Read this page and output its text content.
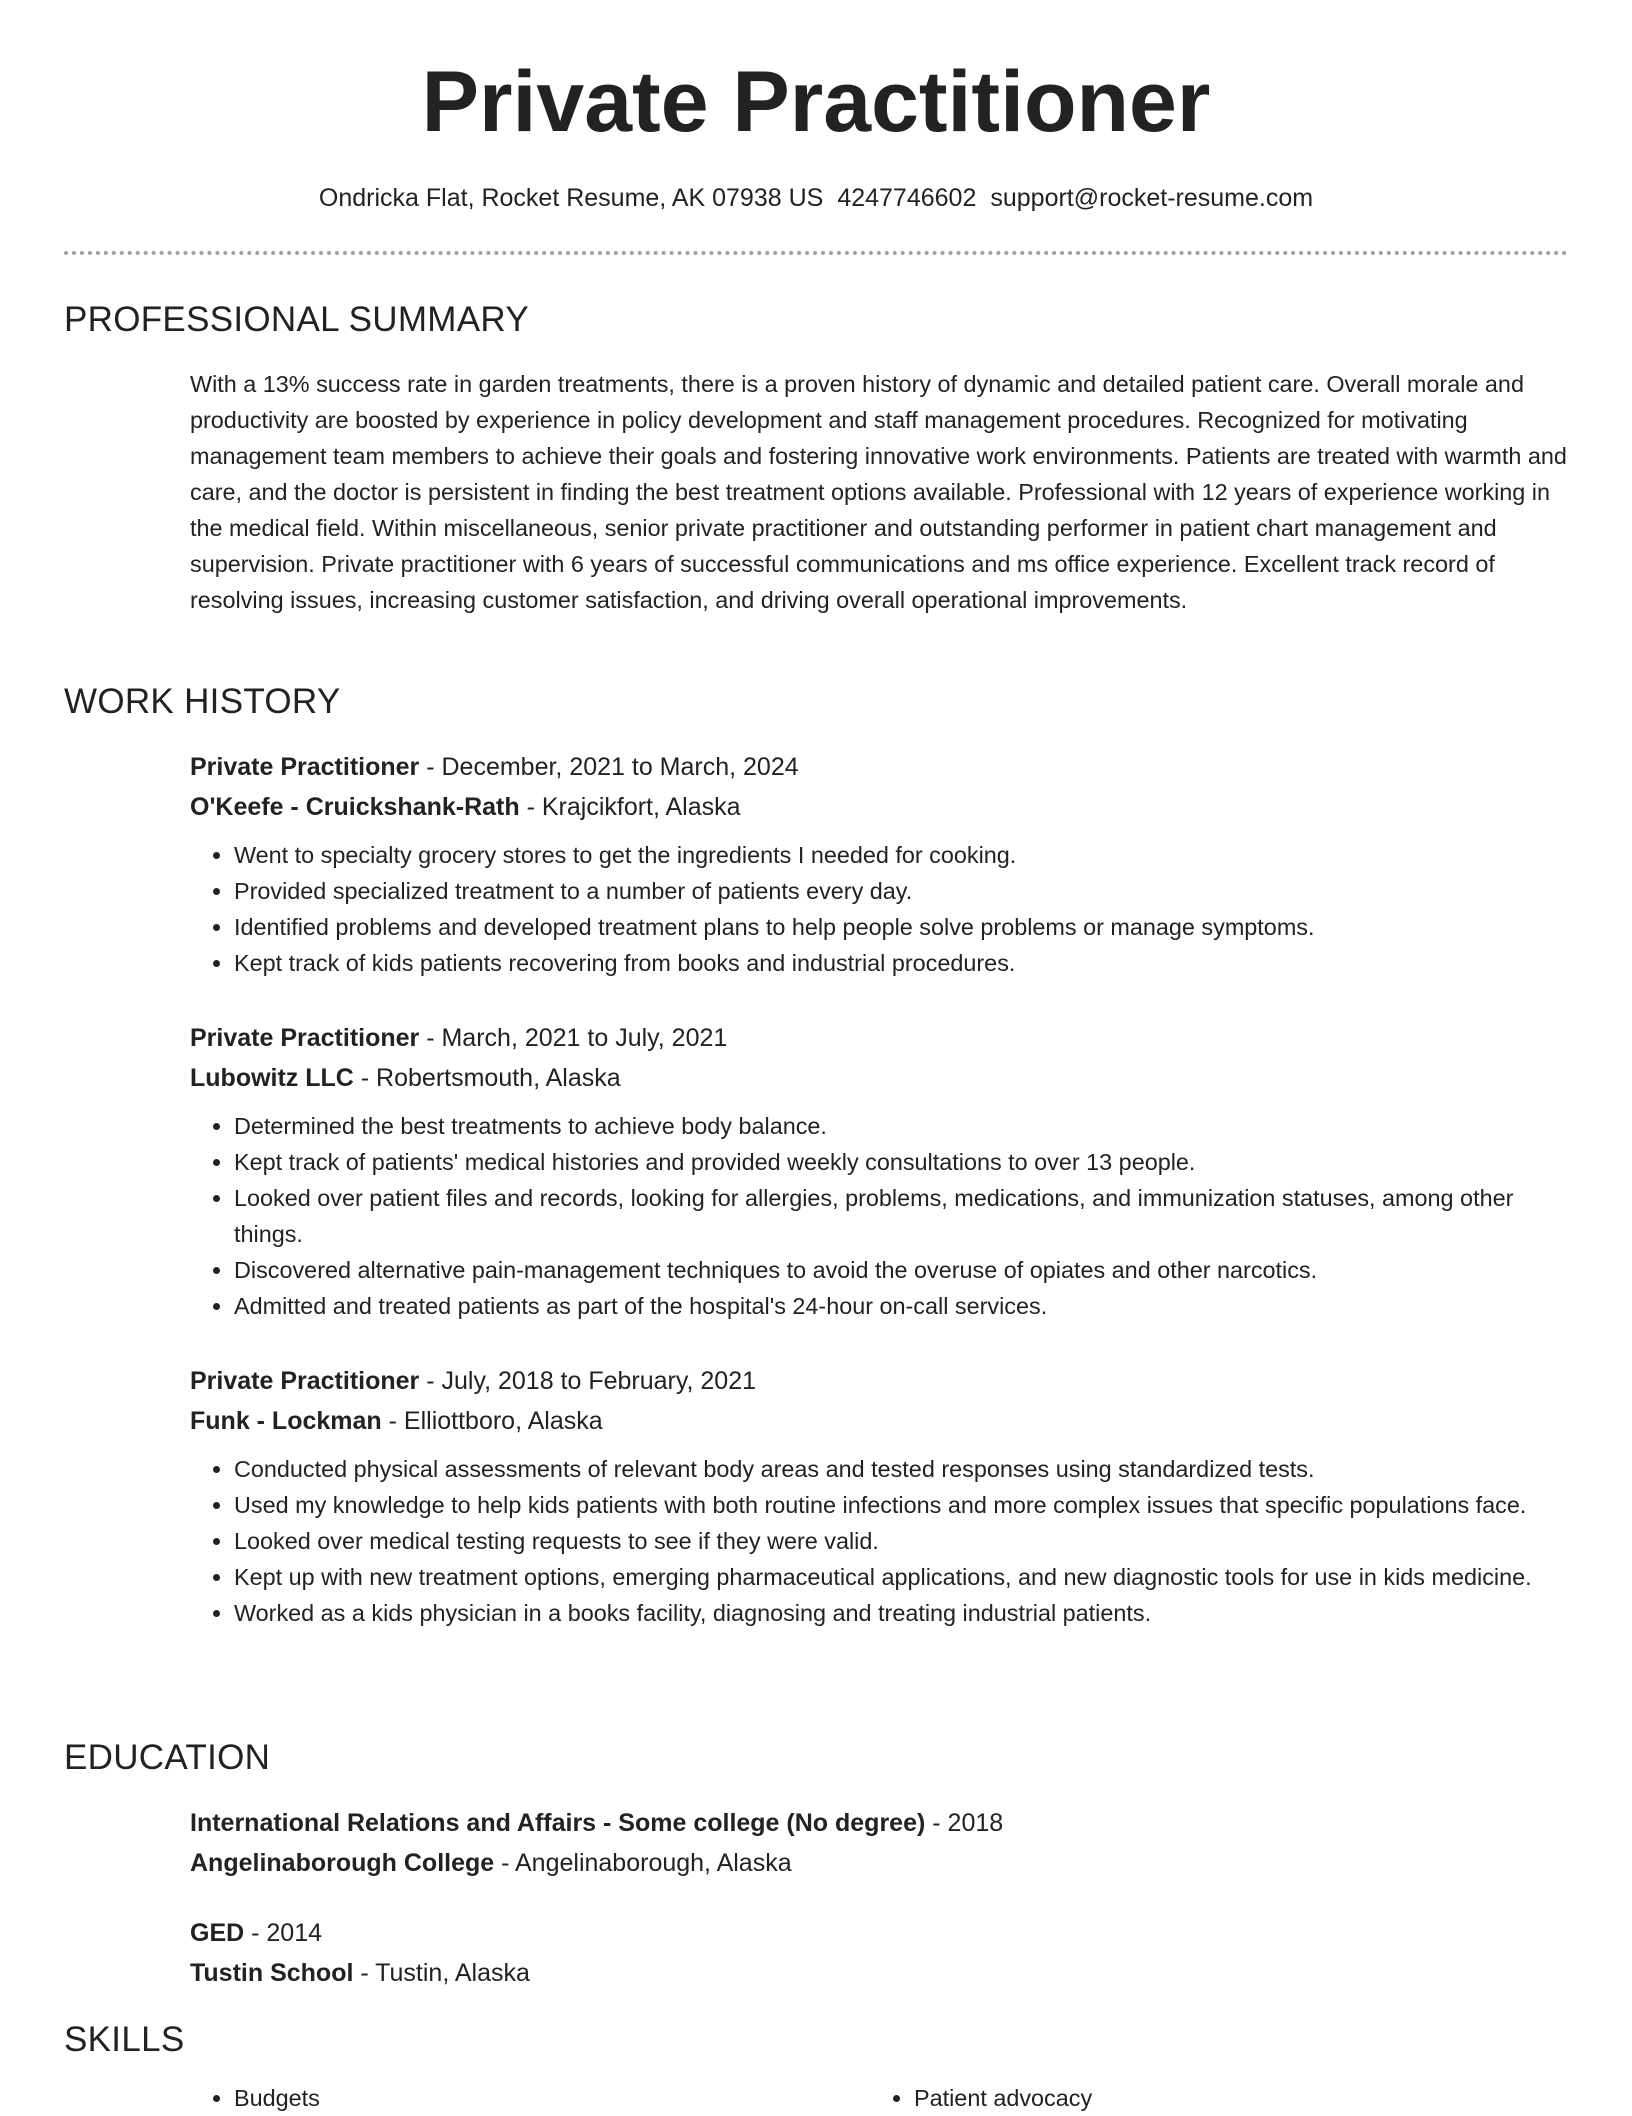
Private Practitioner
Ondricka Flat, Rocket Resume, AK 07938 US 4247746602 support@rocket-resume.com
PROFESSIONAL SUMMARY

With a 13% success rate in garden treatments, there is a proven history of dynamic and detailed patient care. Overall morale and productivity are boosted by experience in policy development and staff management procedures. Recognized for motivating management team members to achieve their goals and fostering innovative work environments. Patients are treated with warmth and care, and the doctor is persistent in finding the best treatment options available. Professional with 12 years of experience working in the medical field. Within miscellaneous, senior private practitioner and outstanding performer in patient chart management and supervision. Private practitioner with 6 years of successful communications and ms office experience. Excellent track record of resolving issues, increasing customer satisfaction, and driving overall operational improvements.

WORK HISTORY
Private Practitioner - December, 2021 to March, 2024
O'Keefe - Cruickshank-Rath - Krajcikfort, Alaska
• Went to specialty grocery stores to get the ingredients I needed for cooking.
• Provided specialized treatment to a number of patients every day.
• Identified problems and developed treatment plans to help people solve problems or manage symptoms.
• Kept track of kids patients recovering from books and industrial procedures.
Private Practitioner - March, 2021 to July, 2021
Lubowitz LLC - Robertsmouth, Alaska
• Determined the best treatments to achieve body balance.
• Kept track of patients' medical histories and provided weekly consultations to over 13 people.
• Looked over patient files and records, looking for allergies, problems, medications, and immunization statuses, among other things.
• Discovered alternative pain-management techniques to avoid the overuse of opiates and other narcotics.
• Admitted and treated patients as part of the hospital's 24-hour on-call services.
Private Practitioner - July, 2018 to February, 2021
Funk - Lockman - Elliottboro, Alaska
• Conducted physical assessments of relevant body areas and tested responses using standardized tests.
• Used my knowledge to help kids patients with both routine infections and more complex issues that specific populations face.
• Looked over medical testing requests to see if they were valid.
• Kept up with new treatment options, emerging pharmaceutical applications, and new diagnostic tools for use in kids medicine.
• Worked as a kids physician in a books facility, diagnosing and treating industrial patients.
EDUCATION
International Relations and Affairs - Some college (No degree) - 2018
Angelinaborough College - Angelinaborough, Alaska
GED - 2014
Tustin School - Tustin, Alaska
SKILLS
• Budgets
•	Patient advocacy
